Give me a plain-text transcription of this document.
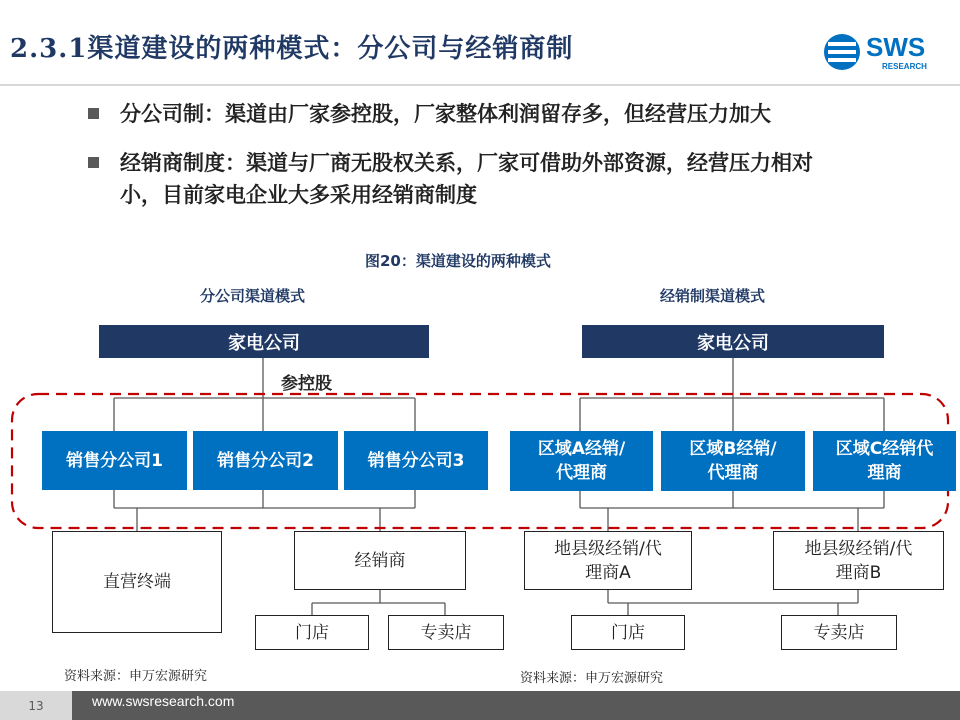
2.3.1渠道建设的两种模式：分公司与经销商制	SWS
RESEARCH
分公司制：渠道由厂家参控股，厂家整体利润留存多，但经营压力加大
经销商制度：渠道与厂商无股权关系，厂家可借助外部资源，经营压力相对
小，目前家电企业大多采用经销商制度
图20：渠道建设的两种模式
分公司渠道模式	经销制渠道模式
家电公司
参控股
销售分公司1	销售分公司2	销售分公司3
直营终端
经销商
门店	专卖店
家电公司
区域A经销/
代理商
区域B经销/
代理商
区域C经销代
理商
地县级经销/代
理商A
地县级经销/代
理商B
门店	专卖店
资料来源：申万宏源研究	资料来源：申万宏源研究
13	www.swsresearch.com
